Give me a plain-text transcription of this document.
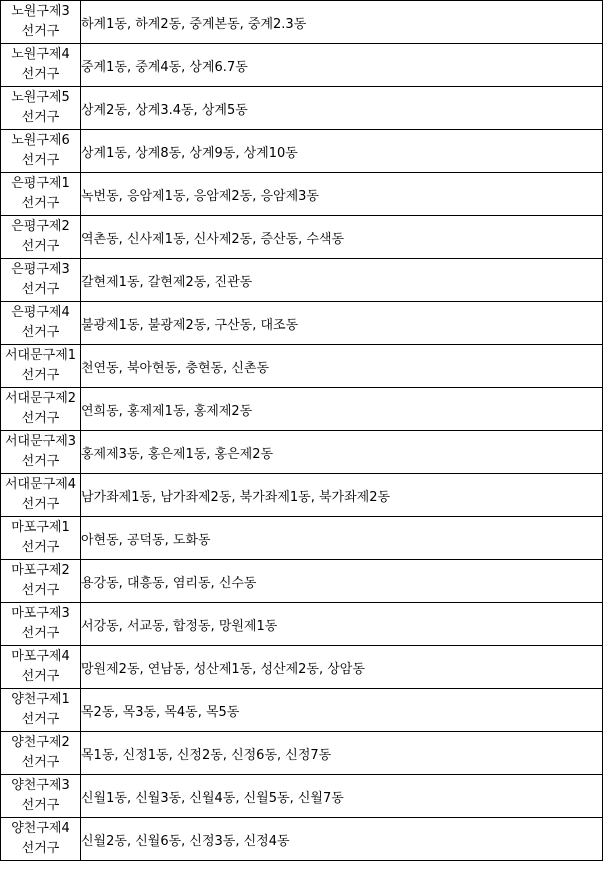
노원구제3
선거구	하계1동, 하계2동, 중계본동, 중계2.3동

노원구제4
선거구	중계1동, 중계4동, 상계6.7동

노원구제5
선거구	상계2동, 상계3.4동, 상계5동

노원구제6
선거구	상계1동, 상계8동, 상계9동, 상계10동

은평구제1
선거구	녹번동, 응암제1동, 응암제2동, 응암제3동

은평구제2
선거구	역촌동, 신사제1동, 신사제2동, 증산동, 수색동

은평구제3
선거구	갈현제1동, 갈현제2동, 진관동

은평구제4
선거구	불광제1동, 불광제2동, 구산동, 대조동

서대문구제1
선거구	천연동, 북아현동, 충현동, 신촌동

서대문구제2
선거구	연희동, 홍제제1동, 홍제제2동

서대문구제3
선거구	홍제제3동, 홍은제1동, 홍은제2동

서대문구제4
선거구	남가좌제1동, 남가좌제2동, 북가좌제1동, 북가좌제2동

마포구제1
선거구	아현동, 공덕동, 도화동

마포구제2
선거구	용강동, 대흥동, 염리동, 신수동

마포구제3
선거구	서강동, 서교동, 합정동, 망원제1동

마포구제4
선거구	망원제2동, 연남동, 성산제1동, 성산제2동, 상암동

양천구제1
선거구	목2동, 목3동, 목4동, 목5동

양천구제2
선거구	목1동, 신정1동, 신정2동, 신정6동, 신정7동

양천구제3
선거구	신월1동, 신월3동, 신월4동, 신월5동, 신월7동

양천구제4
선거구	신월2동, 신월6동, 신정3동, 신정4동
